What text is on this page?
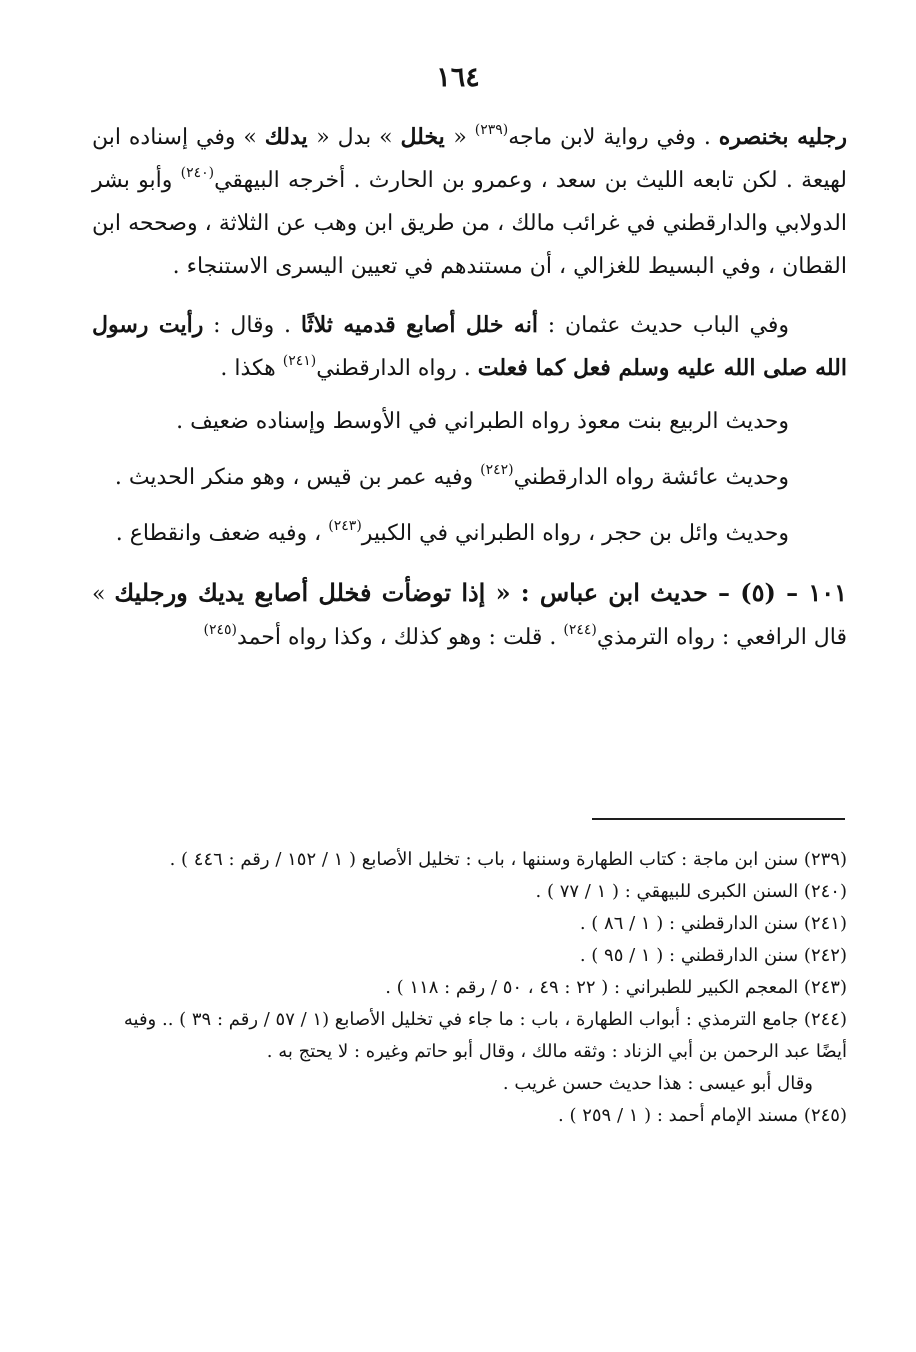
١٦٤

رجليه بخنصره . وفي رواية لابن ماجه$^{(٢٣٩)}$ « يخلل » بدل « يدلك » وفي إسناده ابن لهيعة . لكن تابعه الليث بن سعد ، وعمرو بن الحارث . أخرجه البيهقي$^{(٢٤٠)}$ وأبو بشر الدولابي والدارقطني في غرائب مالك ، من طريق ابن وهب عن الثلاثة ، وصححه ابن القطان ، وفي البسيط للغزالي ، أن مستندهم في تعيين اليسرى الاستنجاء .

وفي الباب حديث عثمان : أنه خلل أصابع قدميه ثلاثًا . وقال : رأيت رسول الله صلى الله عليه وسلم فعل كما فعلت . رواه الدارقطني$^{(٢٤١)}$ هكذا .

وحديث الربيع بنت معوذ رواه الطبراني في الأوسط وإسناده ضعيف .

وحديث عائشة رواه الدارقطني$^{(٢٤٢)}$ وفيه عمر بن قيس ، وهو منكر الحديث .

وحديث وائل بن حجر ، رواه الطبراني في الكبير$^{(٢٤٣)}$ ، وفيه ضعف وانقطاع .

١٠١ – (٥) – حديث ابن عباس : « إذا توضأت فخلل أصابع يديك ورجليك » قال الرافعي : رواه الترمذي$^{(٢٤٤)}$ . قلت : وهو كذلك ، وكذا رواه أحمد$^{(٢٤٥)}$

(٢٣٩) سنن ابن ماجة : كتاب الطهارة وسننها ، باب : تخليل الأصابع ( ١ / ١٥٢ / رقم : ٤٤٦ ) .

(٢٤٠) السنن الكبرى للبيهقي : ( ١ / ٧٧ ) .

(٢٤١) سنن الدارقطني : ( ١ / ٨٦ ) .

(٢٤٢) سنن الدارقطني : ( ١ / ٩٥ ) .

(٢٤٣) المعجم الكبير للطبراني : ( ٢٢ : ٤٩ ، ٥٠ / رقم : ١١٨ ) .

(٢٤٤) جامع الترمذي : أبواب الطهارة ، باب : ما جاء في تخليل الأصابع (١ / ٥٧ / رقم : ٣٩ ) .. وفيه أيضًا عبد الرحمن بن أبي الزناد : وثقه مالك ، وقال أبو حاتم وغيره : لا يحتج به .

وقال أبو عيسى : هذا حديث حسن غريب .

(٢٤٥) مسند الإمام أحمد : ( ١ / ٢٥٩ ) .
